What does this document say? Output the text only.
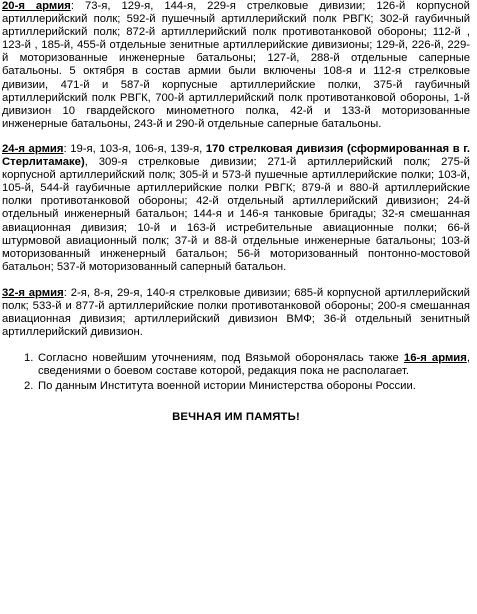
20-я армия: 73-я, 129-я, 144-я, 229-я стрелковые дивизии; 126-й корпусной артиллерийский полк; 592-й пушечный артиллерийский полк РВГК; 302-й гаубичный артиллерийский полк; 872-й артиллерийский полк противотанковой обороны; 112-й , 123-й , 185-й, 455-й отдельные зенитные артиллерийские дивизионы; 129-й, 226-й, 229-й моторизованные инженерные батальоны; 127-й, 288-й отдельные саперные батальоны. 5 октября в состав армии были включены 108-я и 112-я стрелковые дивизии, 471-й и 587-й корпусные артиллерийские полки, 375-й гаубичный артиллерийский полк РВГК, 700-й артиллерийский полк противотанковой обороны, 1-й дивизион 10 гвардейского минометного полка, 42-й и 133-й моторизованные инженерные батальоны, 243-й и 290-й отдельные саперные батальоны.

24-я армия: 19-я, 103-я, 106-я, 139-я, 170 стрелковая дивизия (сформированная в г. Стерлитамаке), 309-я стрелковые дивизии; 271-й артиллерийский полк; 275-й корпусной артиллерийский полк; 305-й и 573-й пушечные артиллерийские полки; 103-й, 105-й, 544-й гаубичные артиллерийские полки РВГК; 879-й и 880-й артиллерийские полки противотанковой обороны; 42-й отдельный артиллерийский дивизион; 24-й отдельный инженерный батальон; 144-я и 146-я танковые бригады; 32-я смешанная авиационная дивизия; 10-й и 163-й истребительные авиационные полки; 66-й штурмовой авиационный полк; 37-й и 88-й отдельные инженерные батальоны; 103-й моторизованный инженерный батальон; 56-й моторизованный понтонно-мостовой батальон; 537-й моторизованный саперный батальон.

32-я армия: 2-я, 8-я, 29-я, 140-я стрелковые дивизии; 685-й корпусной артиллерийский полк; 533-й и 877-й артиллерийские полки противотанковой обороны; 200-я смешанная авиационная дивизия; артиллерийский дивизион ВМФ; 36-й отдельный зенитный артиллерийский дивизион.

1. Согласно новейшим уточнениям, под Вязьмой оборонялась также 16-я армия, сведениями о боевом составе которой, редакция пока не располагает.
2. По данным Института военной истории Министерства обороны России.
ВЕЧНАЯ ИМ ПАМЯТЬ!
